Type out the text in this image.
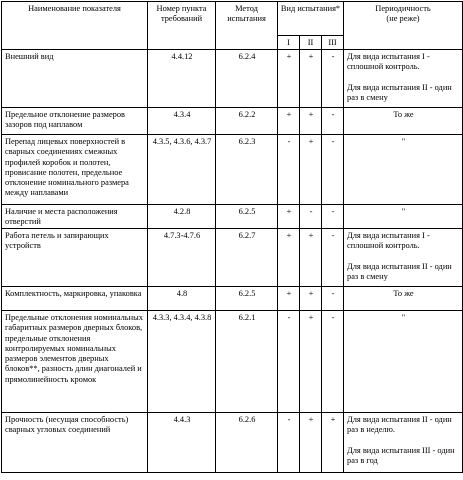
Наименование показателя	Номер пункта требований	Метод испытания	Вид испытания*			Периодичность
(не реже)
			I	II	III	
Внешний вид	4.4.12	6.2.4	+	+	-	Для вида испытания I - сплошной контроль.

Для вида испытания II - один раз в смену
Предельное отклонение размеров зазоров под наплавом	4.3.4	6.2.2	+	+	-	То же
Перепад лицевых поверхностей в сварных соединениях смежных профилей коробок и полотен, провисание полотен, предельное отклонение номинального размера между наплавами	4.3.5, 4.3.6, 4.3.7	6.2.3	-	+	-	"
Наличие и места расположения отверстий	4.2.8	6.2.5	+	-	-	"
Работа петель и запирающих устройств	4.7.3-4.7.6	6.2.7	+	+	-	Для вида испытания I - сплошной контроль.

Для вида испытания II - один раз в смену
Комплектность, маркировка, упаковка	4.8	6.2.5	+	+	-	То же
Предельные отклонения номинальных габаритных размеров дверных блоков, предельные отклонения контролируемых номинальных размеров элементов дверных блоков**, разность длин диагоналей и прямолинейность кромок	4.3.3, 4.3.4, 4.3.8	6.2.1	-	+	-	"
Прочность (несущая способность) сварных угловых соединений	4.4.3	6.2.6	-	+	+	Для вида испытания II - один раз в неделю.

Для вида испытания III - один раз в год
